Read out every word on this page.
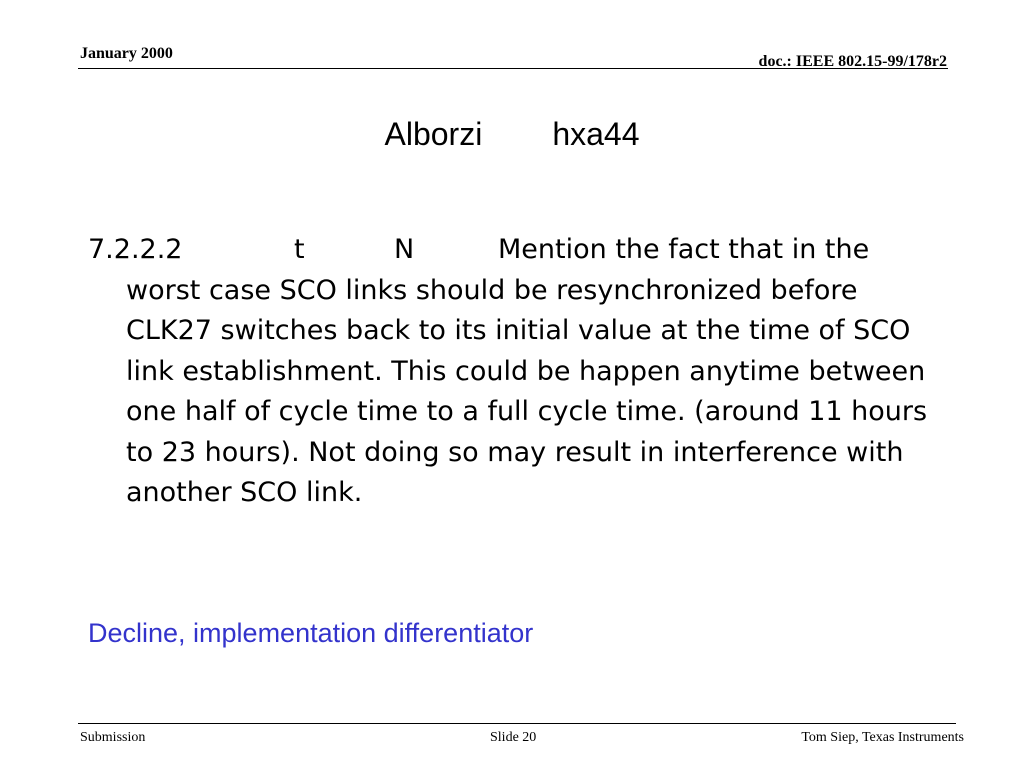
January 2000	doc.: IEEE 802.15-99/178r2
Alborzi hxa44
7.2.2.2	t	N	Mention the fact that in the worst case SCO links should be resynchronized before CLK27 switches back to its initial value at the time of SCO link establishment. This could be happen anytime between one half of cycle time to a full cycle time. (around 11 hours to 23 hours). Not doing so may result in interference with another SCO link.
Decline, implementation differentiator
Submission	Slide 20	Tom Siep, Texas Instruments
